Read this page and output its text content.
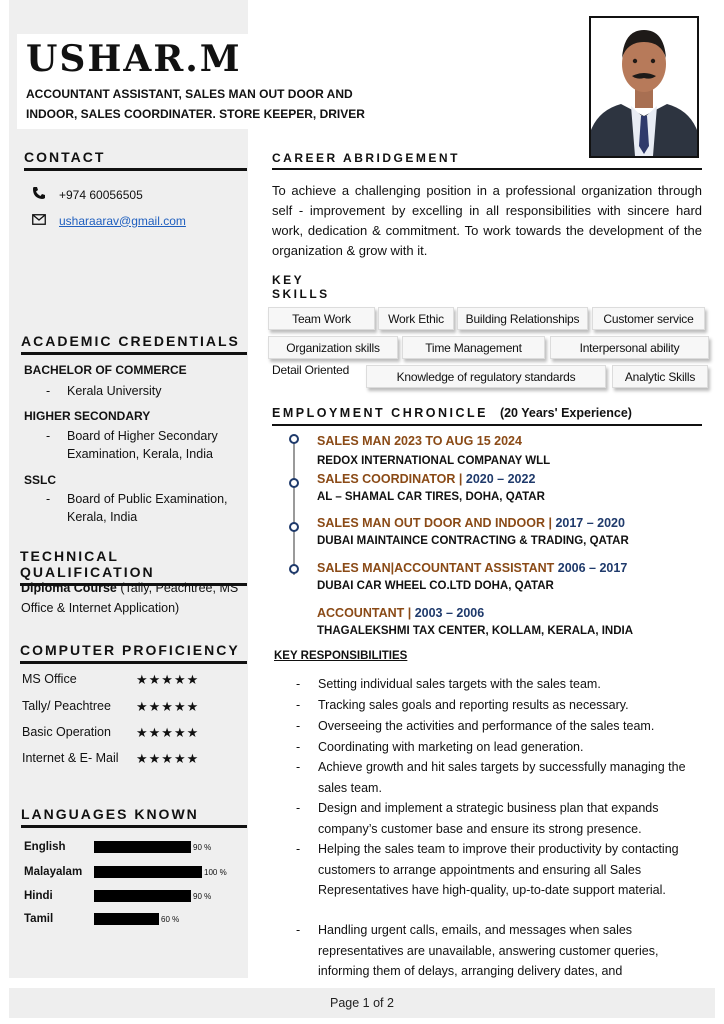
USHAR.M
ACCOUNTANT ASSISTANT, SALES MAN OUT DOOR AND INDOOR, SALES COORDINATER. STORE KEEPER, DRIVER
CONTACT
+974 60056505
usharaarav@gmail.com
ACADEMIC CREDENTIALS
BACHELOR OF COMMERCE
-	Kerala University
HIGHER SECONDARY
-	Board of Higher Secondary Examination, Kerala, India
SSLC
-	Board of Public Examination, Kerala, India
TECHNICAL QUALIFICATION
Diploma Course (Tally, Peachtree, MS Office & Internet Application)
COMPUTER PROFICIENCY
MS Office	★★★★★
Tally/ Peachtree	★★★★★
Basic Operation	★★★★★
Internet & E- Mail	★★★★★
LANGUAGES KNOWN
English	90 %
Malayalam	100 %
Hindi	90 %
Tamil	60 %
CAREER ABRIDGEMENT
To achieve a challenging position in a professional organization through self - improvement by excelling in all responsibilities with sincere hard work, dedication & commitment. To work towards the development of the organization & grow with it.
KEY SKILLS
Team Work	Work Ethic	Building Relationships	Customer service
Organization skills	Time Management	Interpersonal ability
Detail Oriented	Knowledge of regulatory standards	Analytic Skills
EMPLOYMENT CHRONICLE (20 Years' Experience)
SALES MAN 2023 TO AUG 15 2024
REDOX INTERNATIONAL COMPANAY WLL
SALES COORDINATOR | 2020 – 2022
AL – SHAMAL CAR TIRES, DOHA, QATAR
SALES MAN OUT DOOR AND INDOOR | 2017 – 2020
DUBAI MAINTAINCE CONTRACTING & TRADING, QATAR
SALES MAN|ACCOUNTANT ASSISTANT 2006 – 2017
DUBAI CAR WHEEL CO.LTD DOHA, QATAR
ACCOUNTANT | 2003 – 2006
THAGALEKSHMI TAX CENTER, KOLLAM, KERALA, INDIA
KEY RESPONSIBILITIES
-	Setting individual sales targets with the sales team.
-	Tracking sales goals and reporting results as necessary.
-	Overseeing the activities and performance of the sales team.
-	Coordinating with marketing on lead generation.
-	Achieve growth and hit sales targets by successfully managing the sales team.
-	Design and implement a strategic business plan that expands company’s customer base and ensure its strong presence.
-	Helping the sales team to improve their productivity by contacting customers to arrange appointments and ensuring all Sales Representatives have high-quality, up-to-date support material.
-	Handling urgent calls, emails, and messages when sales representatives are unavailable, answering customer queries, informing them of delays, arranging delivery dates, and
Page 1 of 2
